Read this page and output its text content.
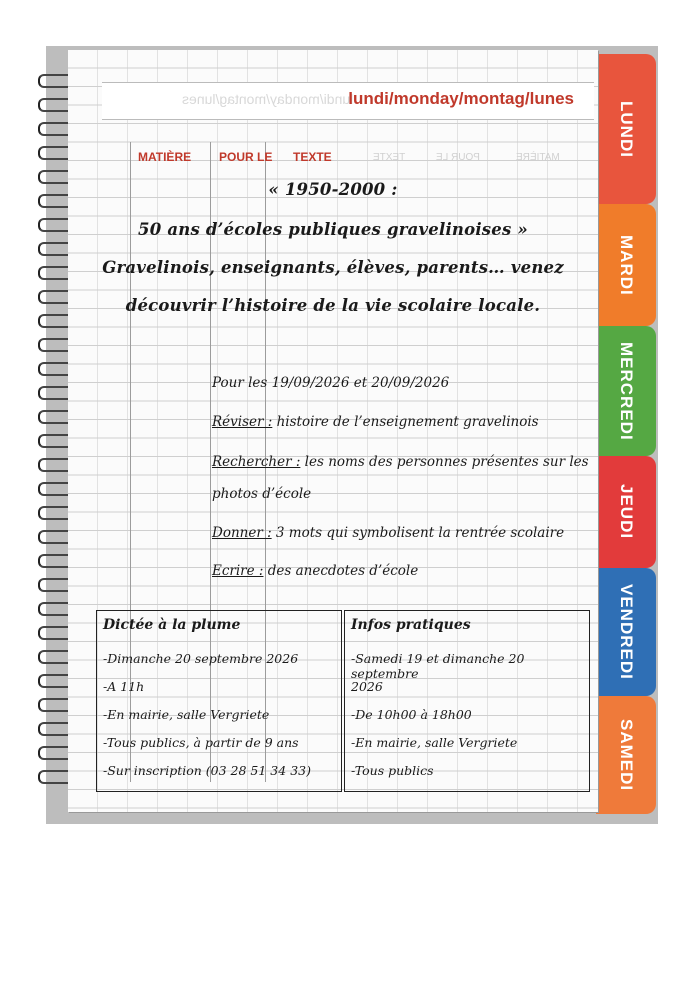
LUNDI
MARDI
MERCREDI
JEUDI
VENDREDI
SAMEDI
lundi/monday/montag/lunes
lundi/monday/montag/lunes
MATIÈRE POUR LE TEXTE	TEXTE	POUR LE	MATIÈRE
« 1950-2000 :
50 ans d’écoles publiques gravelinoises »
Gravelinois, enseignants, élèves, parents… venez
découvrir l’histoire de la vie scolaire locale.
Pour les 19/09/2026 et 20/09/2026
Réviser : histoire de l’enseignement gravelinois
Rechercher : les noms des personnes présentes sur les
photos d’école
Donner : 3 mots qui symbolisent la rentrée scolaire
Ecrire : des anecdotes d’école
Dictée à la plume
-Dimanche 20 septembre 2026
-A 11h
-En mairie, salle Vergriete
-Tous publics, à partir de 9 ans
-Sur inscription (03 28 51 34 33)
Infos pratiques
-Samedi 19 et dimanche 20 septembre
2026
-De 10h00 à 18h00
-En mairie, salle Vergriete
-Tous publics
